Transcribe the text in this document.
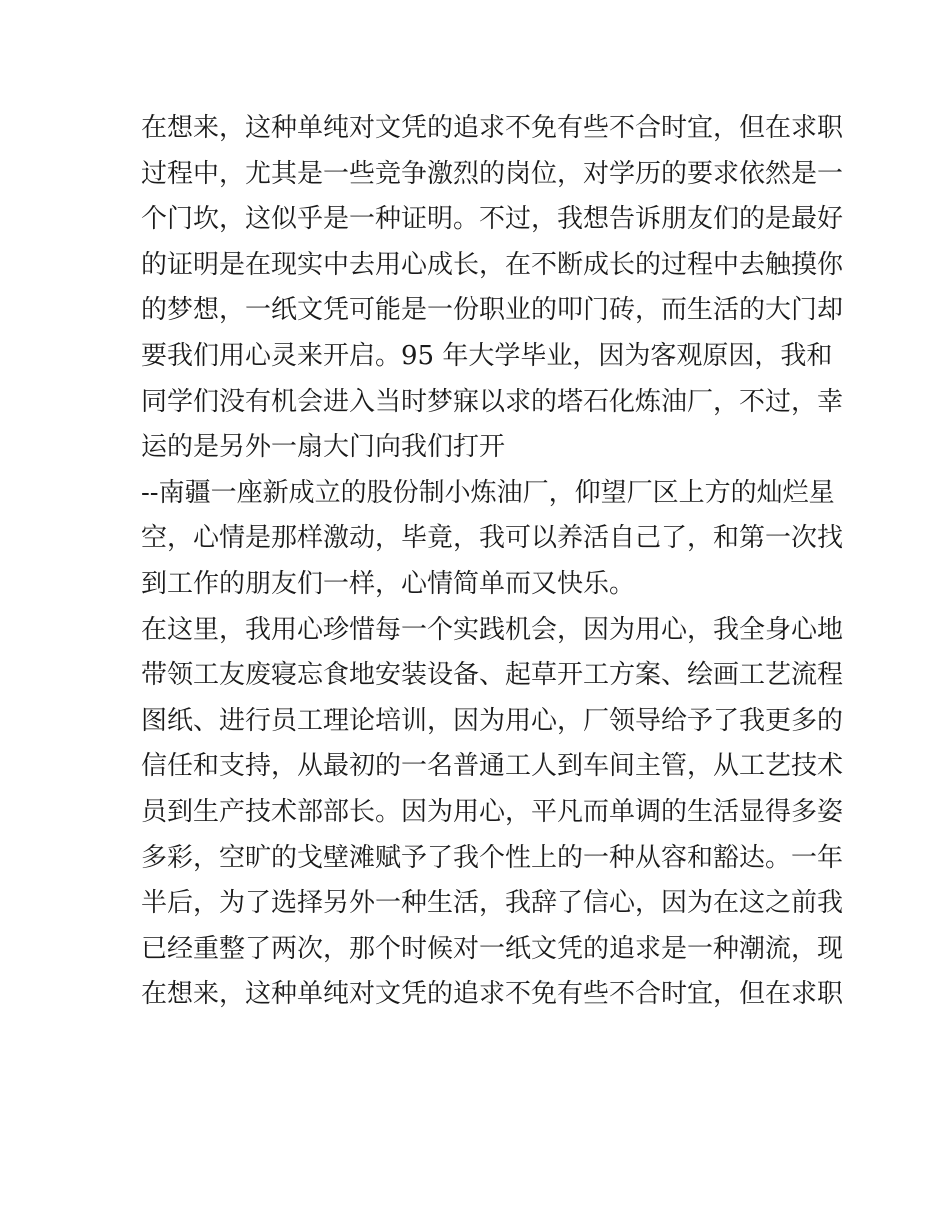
在想来，这种单纯对文凭的追求不免有些不合时宜，但在求职
过程中，尤其是一些竞争激烈的岗位，对学历的要求依然是一
个门坎，这似乎是一种证明。不过，我想告诉朋友们的是最好
的证明是在现实中去用心成长，在不断成长的过程中去触摸你
的梦想，一纸文凭可能是一份职业的叩门砖，而生活的大门却
要我们用心灵来开启。95 年大学毕业，因为客观原因，我和
同学们没有机会进入当时梦寐以求的塔石化炼油厂，不过，幸
运的是另外一扇大门向我们打开
--南疆一座新成立的股份制小炼油厂，仰望厂区上方的灿烂星
空，心情是那样激动，毕竟，我可以养活自己了，和第一次找
到工作的朋友们一样，心情简单而又快乐。
在这里，我用心珍惜每一个实践机会，因为用心，我全身心地
带领工友废寝忘食地安装设备、起草开工方案、绘画工艺流程
图纸、进行员工理论培训，因为用心，厂领导给予了我更多的
信任和支持，从最初的一名普通工人到车间主管，从工艺技术
员到生产技术部部长。因为用心，平凡而单调的生活显得多姿
多彩，空旷的戈壁滩赋予了我个性上的一种从容和豁达。一年
半后，为了选择另外一种生活，我辞了信心，因为在这之前我
已经重整了两次，那个时候对一纸文凭的追求是一种潮流，现
在想来，这种单纯对文凭的追求不免有些不合时宜，但在求职
